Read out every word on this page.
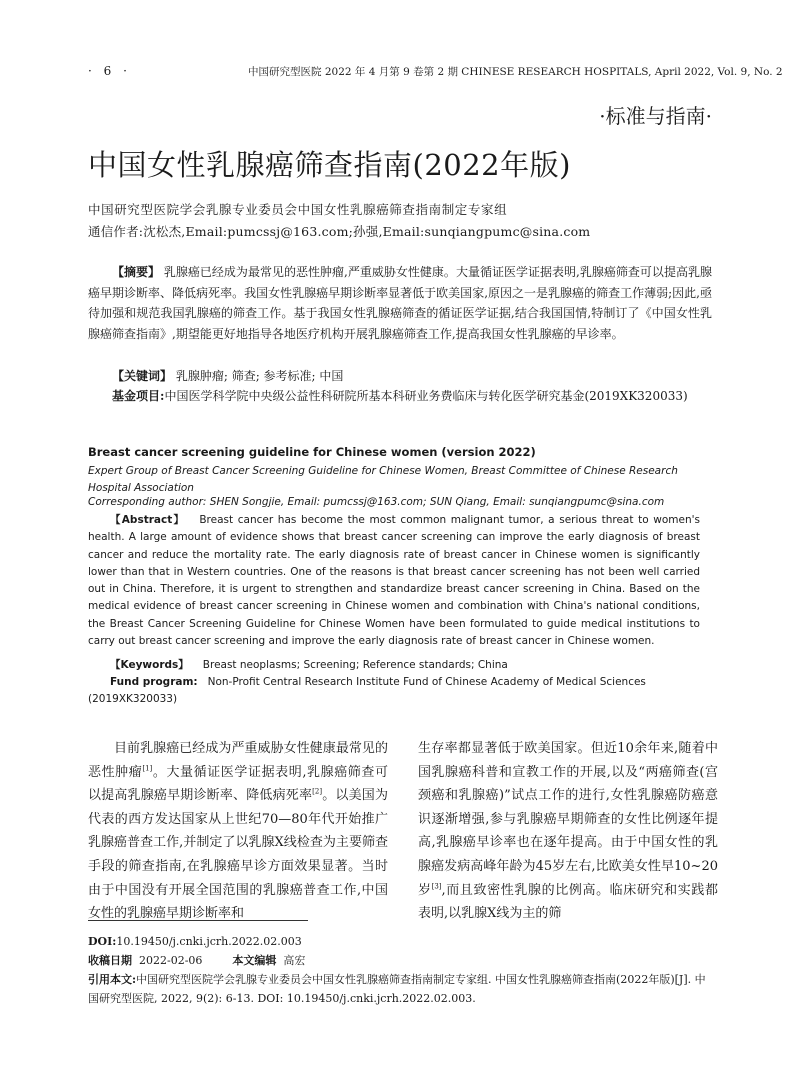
· 6 ·	中国研究型医院 2022 年 4 月第 9 卷第 2 期 CHINESE RESEARCH HOSPITALS, April 2022, Vol. 9, No. 2
·标准与指南·
中国女性乳腺癌筛查指南(2022年版)
中国研究型医院学会乳腺专业委员会中国女性乳腺癌筛查指南制定专家组
通信作者:沈松杰,Email:pumcssj@163.com;孙强,Email:sunqiangpumc@sina.com
【摘要】 乳腺癌已经成为最常见的恶性肿瘤,严重威胁女性健康。大量循证医学证据表明,乳腺癌筛查可以提高乳腺癌早期诊断率、降低病死率。我国女性乳腺癌早期诊断率显著低于欧美国家,原因之一是乳腺癌的筛查工作薄弱;因此,亟待加强和规范我国乳腺癌的筛查工作。基于我国女性乳腺癌筛查的循证医学证据,结合我国国情,特制订了《中国女性乳腺癌筛查指南》,期望能更好地指导各地医疗机构开展乳腺癌筛查工作,提高我国女性乳腺癌的早诊率。
【关键词】 乳腺肿瘤; 筛查; 参考标准; 中国
基金项目:中国医学科学院中央级公益性科研院所基本科研业务费临床与转化医学研究基金(2019XK320033)
Breast cancer screening guideline for Chinese women (version 2022)
Expert Group of Breast Cancer Screening Guideline for Chinese Women, Breast Committee of Chinese Research Hospital Association
Corresponding author: SHEN Songjie, Email: pumcssj@163.com; SUN Qiang, Email: sunqiangpumc@sina.com
【Abstract】 Breast cancer has become the most common malignant tumor, a serious threat to women's health. A large amount of evidence shows that breast cancer screening can improve the early diagnosis of breast cancer and reduce the mortality rate. The early diagnosis rate of breast cancer in Chinese women is significantly lower than that in Western countries. One of the reasons is that breast cancer screening has not been well carried out in China. Therefore, it is urgent to strengthen and standardize breast cancer screening in China. Based on the medical evidence of breast cancer screening in Chinese women and combination with China's national conditions, the Breast Cancer Screening Guideline for Chinese Women have been formulated to guide medical institutions to carry out breast cancer screening and improve the early diagnosis rate of breast cancer in Chinese women.
【Keywords】 Breast neoplasms; Screening; Reference standards; China
Fund program: Non-Profit Central Research Institute Fund of Chinese Academy of Medical Sciences (2019XK320033)
目前乳腺癌已经成为严重威胁女性健康最常见的恶性肿瘤[1]。大量循证医学证据表明,乳腺癌筛查可以提高乳腺癌早期诊断率、降低病死率[2]。以美国为代表的西方发达国家从上世纪70—80年代开始推广乳腺癌普查工作,并制定了以乳腺X线检查为主要筛查手段的筛查指南,在乳腺癌早诊方面效果显著。当时由于中国没有开展全国范围的乳腺癌普查工作,中国女性的乳腺癌早期诊断率和
生存率都显著低于欧美国家。但近10余年来,随着中国乳腺癌科普和宣教工作的开展,以及“两癌筛查(宫颈癌和乳腺癌)”试点工作的进行,女性乳腺癌防癌意识逐渐增强,参与乳腺癌早期筛查的女性比例逐年提高,乳腺癌早诊率也在逐年提高。由于中国女性的乳腺癌发病高峰年龄为45岁左右,比欧美女性早10~20岁[3],而且致密性乳腺的比例高。临床研究和实践都表明,以乳腺X线为主的筛
DOI:10.19450/j.cnki.jcrh.2022.02.003
收稿日期 2022-02-06	本文编辑 高宏
引用本文:中国研究型医院学会乳腺专业委员会中国女性乳腺癌筛查指南制定专家组. 中国女性乳腺癌筛查指南(2022年版)[J]. 中国研究型医院, 2022, 9(2): 6-13. DOI: 10.19450/j.cnki.jcrh.2022.02.003.
